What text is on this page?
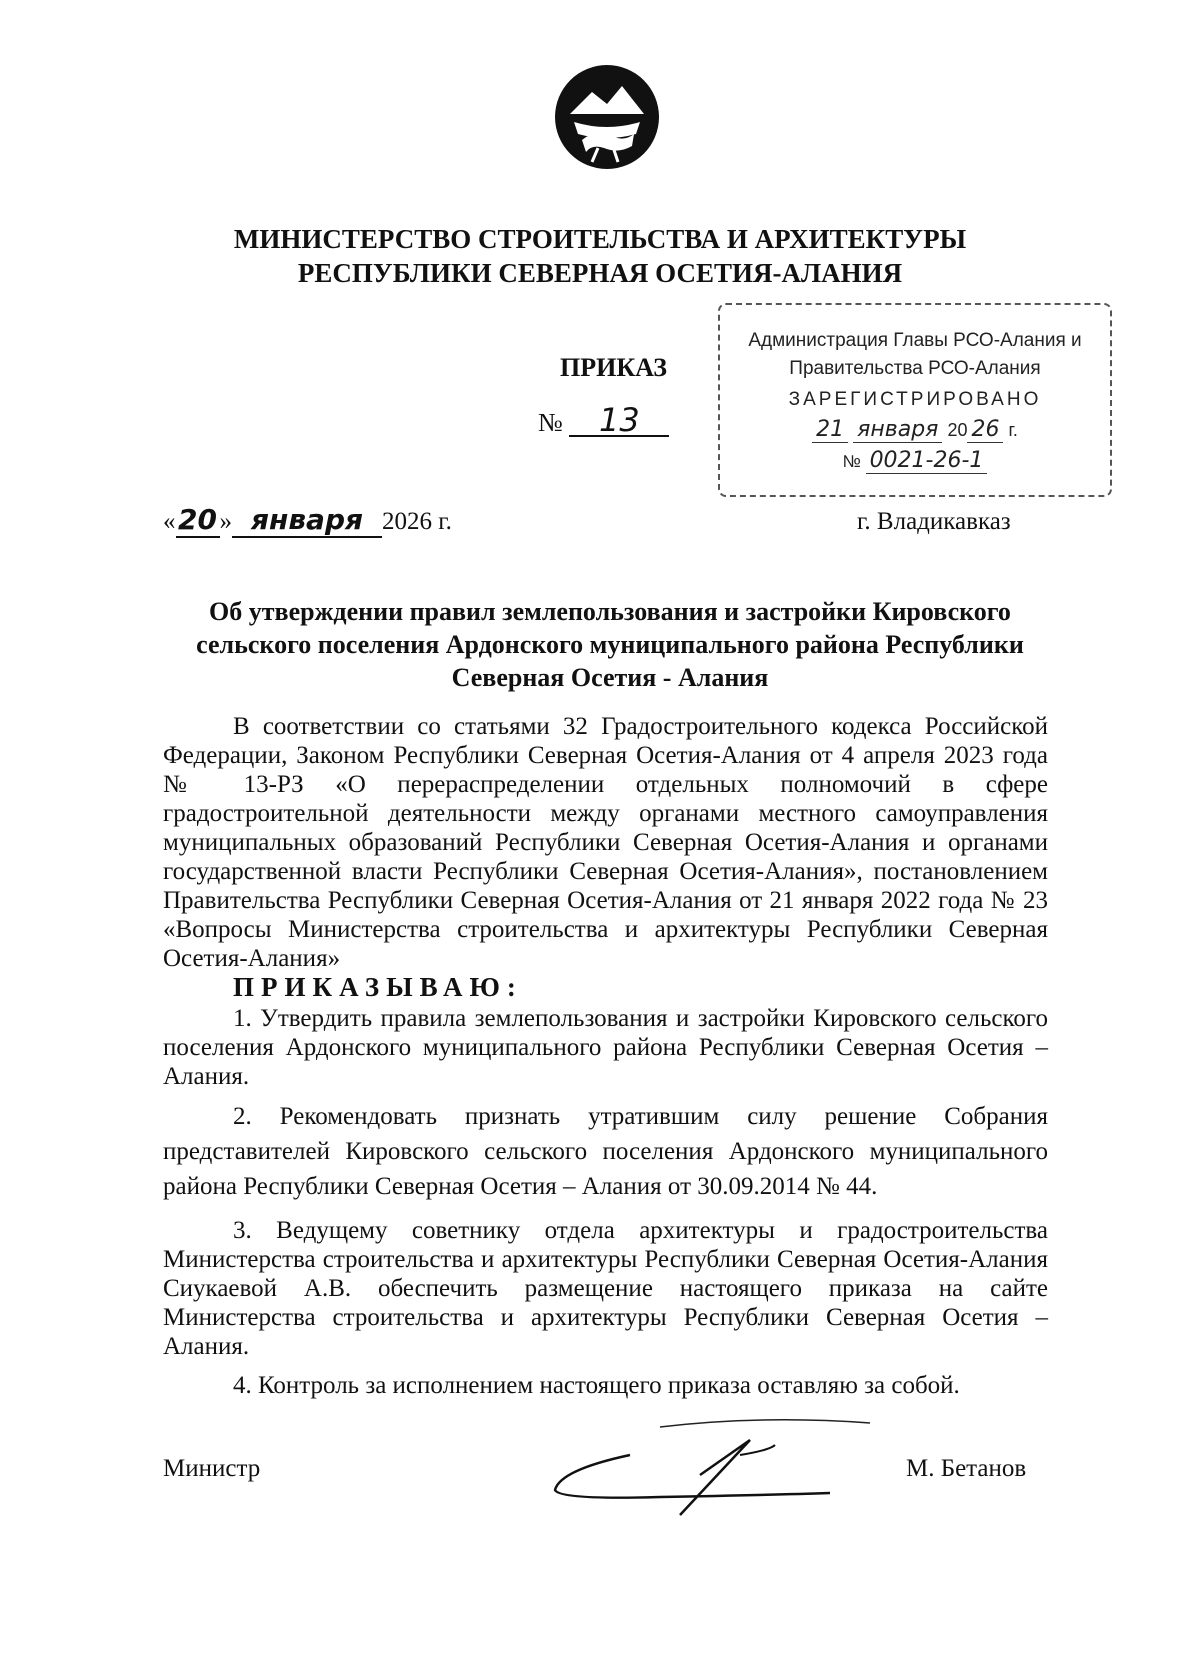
МИНИСТЕРСТВО СТРОИТЕЛЬСТВА И АРХИТЕКТУРЫ
РЕСПУБЛИКИ СЕВЕРНАЯ ОСЕТИЯ-АЛАНИЯ
ПРИКАЗ
№ 13
Администрация Главы РСО-Алания и
Правительства РСО-Алания
ЗАРЕГИСТРИРОВАНО
21 января 20 26 г.
№ 0021-26-1
«20 » января 2026 г.	г. Владикавказ
Об утверждении правил землепользования и застройки Кировского
сельского поселения Ардонского муниципального района Республики
Северная Осетия - Алания

В соответствии со статьями 32 Градостроительного кодекса Российской Федерации, Законом Республики Северная Осетия-Алания от 4 апреля 2023 года № 13-РЗ «О перераспределении отдельных полномочий в сфере градостроительной деятельности между органами местного самоуправления муниципальных образований Республики Северная Осетия-Алания и органами государственной власти Республики Северная Осетия-Алания», постановлением Правительства Республики Северная Осетия-Алания от 21 января 2022 года № 23 «Вопросы Министерства строительства и архитектуры Республики Северная Осетия-Алания»

ПРИКАЗЫВАЮ:

1. Утвердить правила землепользования и застройки Кировского сельского поселения Ардонского муниципального района Республики Северная Осетия – Алания.

2. Рекомендовать признать утратившим силу решение Собрания представителей Кировского сельского поселения Ардонского муниципального района Республики Северная Осетия – Алания от 30.09.2014 № 44.

3. Ведущему советнику отдела архитектуры и градостроительства Министерства строительства и архитектуры Республики Северная Осетия-Алания Сиукаевой А.В. обеспечить размещение настоящего приказа на сайте Министерства строительства и архитектуры Республики Северная Осетия – Алания.

4. Контроль за исполнением настоящего приказа оставляю за собой.

Министр	М. Бетанов
